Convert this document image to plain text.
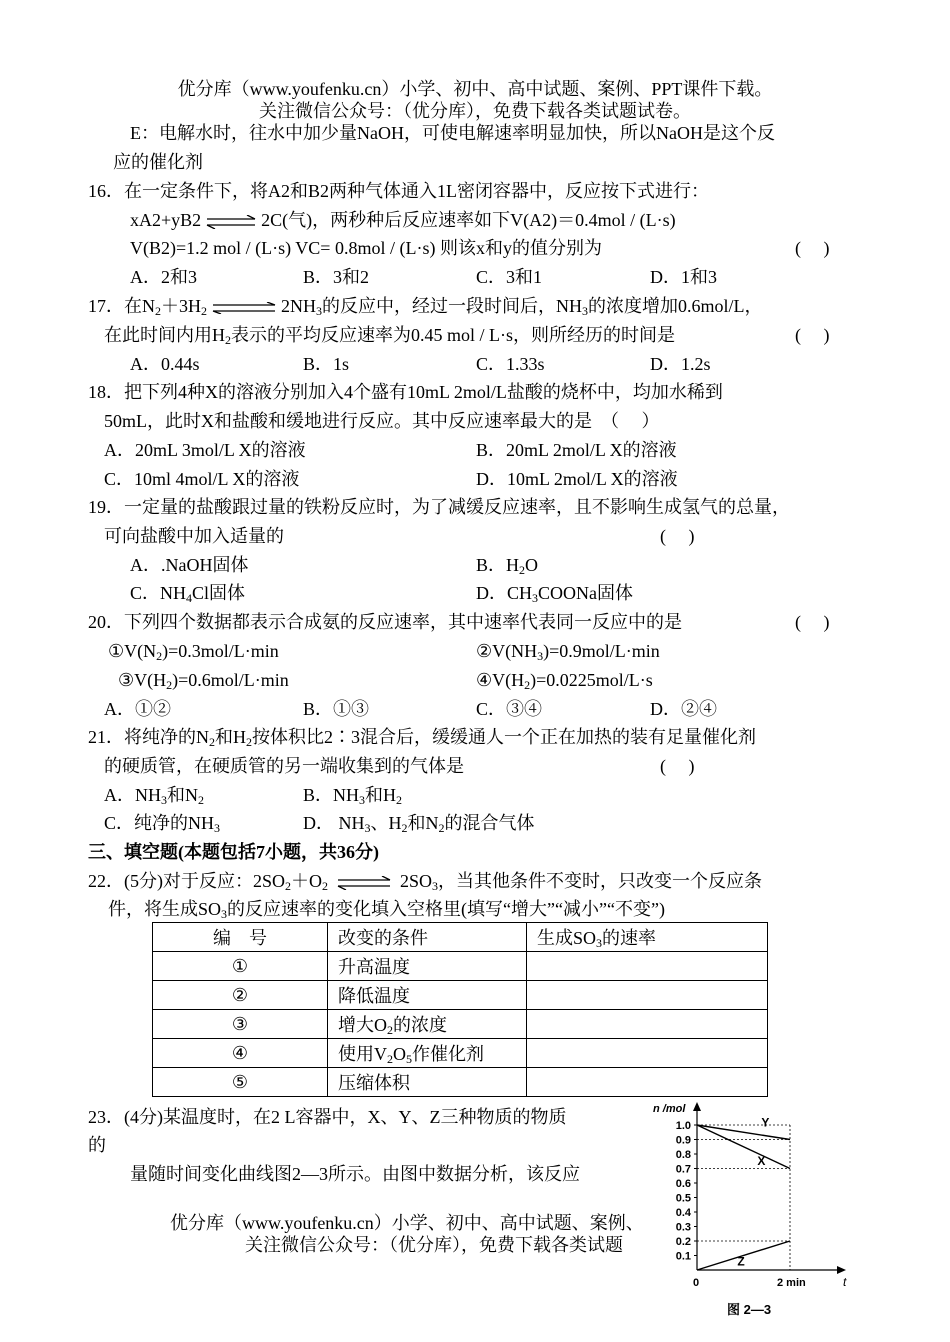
优分库（www.youfenku.cn）小学、初中、高中试题、案例、PPT课件下载。
关注微信公众号：（优分库），免费下载各类试题试卷。
E：电解水时，往水中加少量NaOH，可使电解速率明显加快，所以NaOH是这个反
应的催化剂
16．在一定条件下，将A2和B2两种气体通入1L密闭容器中，反应按下式进行：
xA2+yB2 ⇌ 2C(气)，两秒种后反应速率如下V(A2)＝0.4mol / (L·s)
V(B2)=1.2 mol / (L·s) VC= 0.8mol / (L·s) 则该x和y的值分别为	(　 )
A．2和3	B．3和2	C．3和1	D．1和3
17．在$N_2+3H_2$ ⇌ $2NH_3$的反应中，经过一段时间后，$NH_3$的浓度增加0.6mol/L，
在此时间内用$H_2$表示的平均反应速率为0.45 mol / L·s，则所经历的时间是	(　 )
A．0.44s	B．1s	C．1.33s	D．1.2s
18．把下列4种X的溶液分别加入4个盛有10mL 2mol/L盐酸的烧杯中，均加水稀到
50mL，此时X和盐酸和缓地进行反应。其中反应速率最大的是　（　 ）
A．20mL 3mol/L X的溶液	B．20mL 2mol/L X的溶液
C．10ml 4mol/L X的溶液	D．10mL 2mol/L X的溶液
19．一定量的盐酸跟过量的铁粉反应时，为了减缓反应速率，且不影响生成氢气的总量，
可向盐酸中加入适量的	(　 )
A．.NaOH固体	B．$H_2O$
C．$NH_4Cl$固体	D．$CH_3COONa$固体
20．下列四个数据都表示合成氨的反应速率，其中速率代表同一反应中的是	(　 )
$①V(N_2)=0.3mol/L\cdot\min$	$②V(NH_3)=0.9mol/L\cdot\min$
$③V(H_2)=0.6mol/L\cdot\min$	$④V(H_2)=0.0225mol/L\cdot s$
A．①②	B．①③	C．③④	D．②④
21．将纯净的$N_2$和$H_2$按体积比2∶3混合后，缓缓通人一个正在加热的装有足量催化剂
的硬质管，在硬质管的另一端收集到的气体是	(　 )
A．$NH_3$和$N_2$	B．$NH_3$和$H_2$
C．纯净的$NH_3$	D． $NH_3$、$H_2$和$N_2$的混合气体
三、填空题(本题包括7小题，共36分)
22．(5分)对于反应：$2SO_2+O_2$ ⇌ $2SO_3$，当其他条件不变时，只改变一个反应条
件，将生成$SO_3$的反应速率的变化填入空格里(填写“增大”“减小”“不变”)
编　号	改变的条件	生成$SO_3$的速率
①	升高温度	
②	降低温度	
③	增大$O_2$的浓度	
④	使用$V_2O_5$作催化剂	
⑤	压缩体积	
23．(4分)某温度时，在2 L容器中，X、Y、Z三种物质的物质
的
量随时间变化曲线图2—3所示。由图中数据分析，该反应
优分库（www.youfenku.cn）小学、初中、高中试题、案例、
关注微信公众号：（优分库），免费下载各类试题
n /mol
t
0.1
0.2
0.3
0.4
0.5
0.6
0.7
0.8
0.9
1.0
0	2 min
Y
X
Z
图 2—3
